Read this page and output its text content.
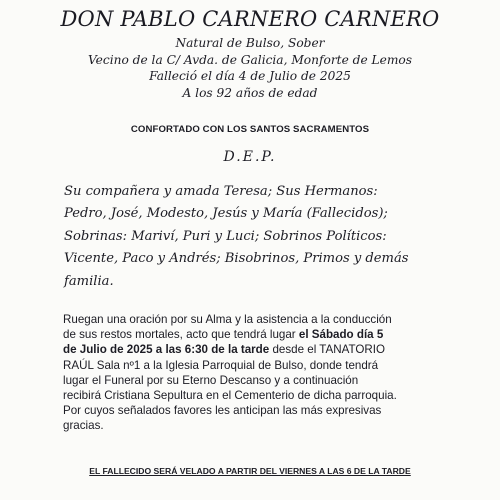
DON PABLO CARNERO CARNERO
Natural de Bulso, Sober
Vecino de la C/ Avda. de Galicia, Monforte de Lemos
Falleció el día 4 de Julio de 2025
A los 92 años de edad
CONFORTADO CON LOS SANTOS SACRAMENTOS
D.E.P.
Su compañera y amada Teresa; Sus Hermanos:
Pedro, José, Modesto, Jesús y María (Fallecidos);
Sobrinas: Mariví, Puri y Luci; Sobrinos Políticos:
Vicente, Paco y Andrés; Bisobrinos, Primos y demás
familia.
Ruegan una oración por su Alma y la asistencia a la conducción
de sus restos mortales, acto que tendrá lugar el Sábado día 5
de Julio de 2025 a las 6:30 de la tarde desde el TANATORIO
RAÚL Sala nº1 a la Iglesia Parroquial de Bulso, donde tendrá
lugar el Funeral por su Eterno Descanso y a continuación
recibirá Cristiana Sepultura en el Cementerio de dicha parroquia.
Por cuyos señalados favores les anticipan las más expresivas
gracias.
EL FALLECIDO SERÁ VELADO A PARTIR DEL VIERNES A LAS 6 DE LA TARDE
